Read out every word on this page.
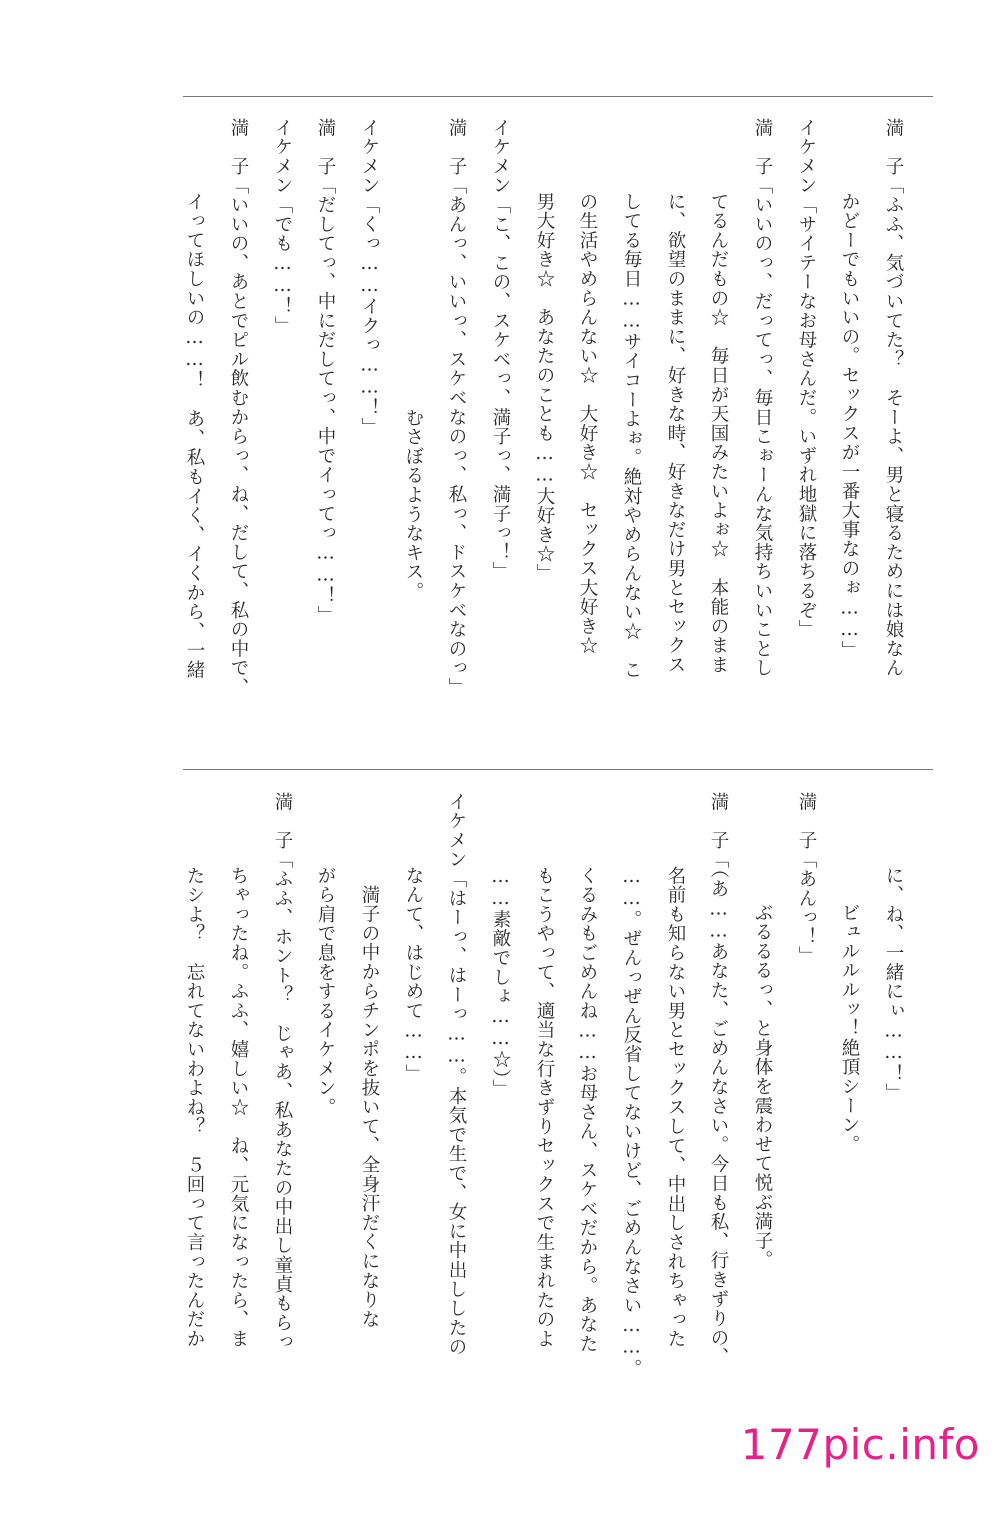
満　子「ふふ、気づいてた？　そーよ、男と寝るためには娘なん
かどーでもいいの。セックスが一番大事なのぉ……」
イケメン「サイテーなお母さんだ。いずれ地獄に落ちるぞ」
満　子「いいのっ、だってっ、毎日こぉーんな気持ちいいことし
てるんだもの☆　毎日が天国みたいよぉ☆　本能のまま
に、欲望のままに、好きな時、好きなだけ男とセックス
してる毎日……サイコーよぉ。絶対やめらんない☆　こ
の生活やめらんない☆　大好き☆　セックス大好き☆
男大好き☆　あなたのことも……大好き☆」
イケメン「こ、この、スケベっ、満子っ、満子っ！」
満　子「あんっ、いいっ、スケベなのっ、私っ、ドスケベなのっ」
むさぼるようなキス。
イケメン「くっ……イクっ……！」
満　子「だしてっ、中にだしてっ、中でイってっ……！」
イケメン「でも……！」
満　子「いいの、あとでピル飲むからっ、ね、だして、私の中で、
イってほしいの……！　あ、私もイく、イくから、一緒
に、ね、一緒にぃ……！」
ビュルルルッ！絶頂シーン。
満　子「あんっ！」
ぶるるるっ、と身体を震わせて悦ぶ満子。
満　子「（あ……あなた、ごめんなさい。今日も私、行きずりの、
名前も知らない男とセックスして、中出しされちゃった
……。ぜんっぜん反省してないけど、ごめんなさい……。
くるみもごめんね……お母さん、スケベだから。あなた
もこうやって、適当な行きずりセックスで生まれたのよ
……素敵でしょ……☆）」
イケメン「はーっ、はーっ……。本気で生で、女に中出ししたの
なんて、はじめて……」
満子の中からチンポを抜いて、全身汗だくになりな
がら肩で息をするイケメン。
満　子「ふふ、ホント？　じゃあ、私あなたの中出し童貞もらっ
ちゃったね。ふふ、嬉しい☆　ね、元気になったら、ま
たシよ？　忘れてないわよね？　５回って言ったんだか
177pic.info
